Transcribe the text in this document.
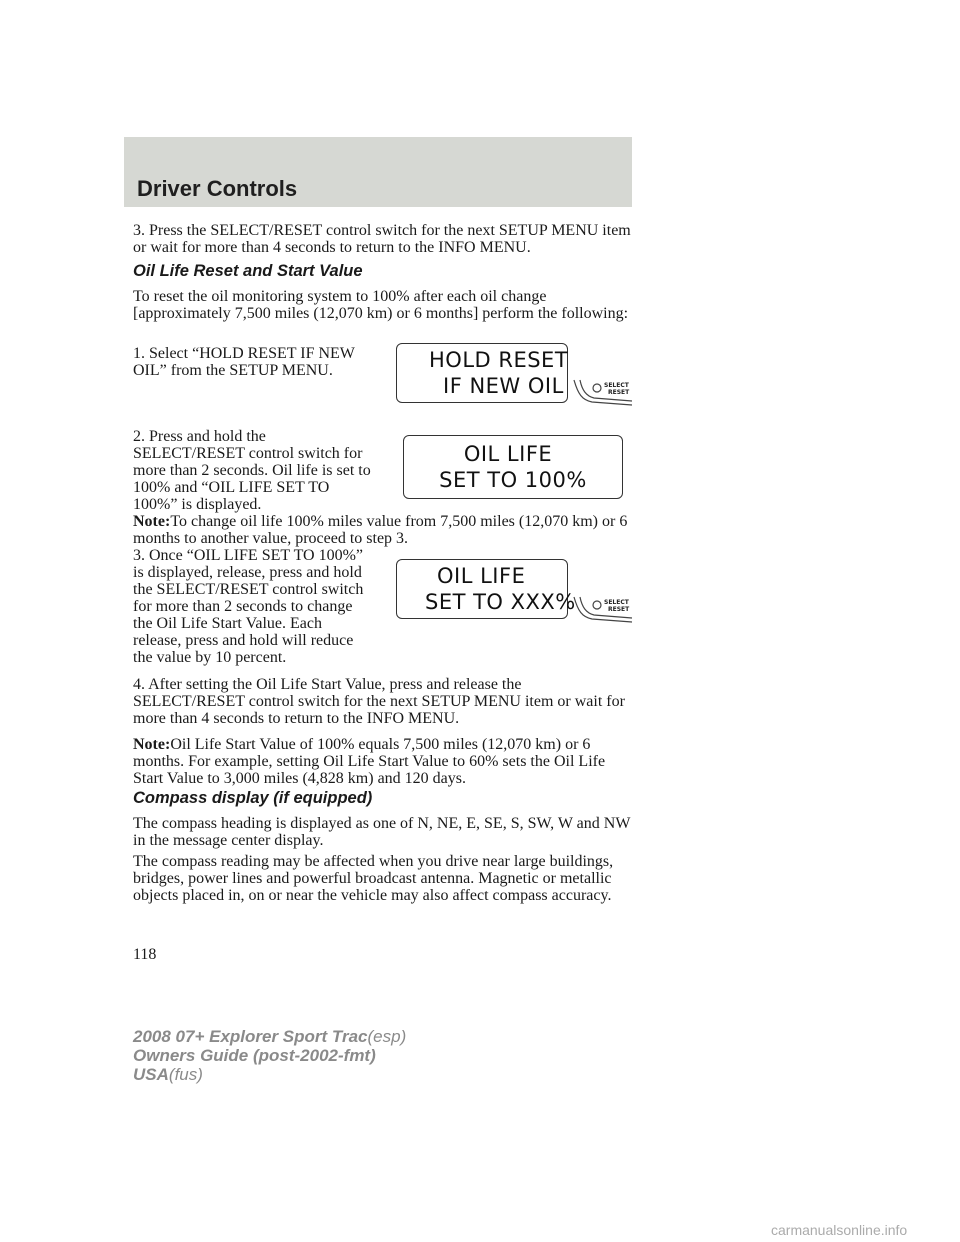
Driver Controls

3. Press the SELECT/RESET control switch for the next SETUP MENU item or wait for more than 4 seconds to return to the INFO MENU.

Oil Life Reset and Start Value

To reset the oil monitoring system to 100% after each oil change [approximately 7,500 miles (12,070 km) or 6 months] perform the following:

1. Select “HOLD RESET IF NEW OIL” from the SETUP MENU.	HOLD RESET
IF NEW OIL	SELECT
RESET

2. Press and hold the SELECT/RESET control switch for more than 2 seconds. Oil life is set to 100% and “OIL LIFE SET TO 100%” is displayed.

OIL LIFE
SET TO 100%

Note:To change oil life 100% miles value from 7,500 miles (12,070 km) or 6 months to another value, proceed to step 3.

3. Once “OIL LIFE SET TO 100%” is displayed, release, press and hold the SELECT/RESET control switch for more than 2 seconds to change the Oil Life Start Value. Each release, press and hold will reduce the value by 10 percent.

OIL LIFE
SET TO XXX%	SELECT
RESET

4. After setting the Oil Life Start Value, press and release the SELECT/RESET control switch for the next SETUP MENU item or wait for more than 4 seconds to return to the INFO MENU.

Note:Oil Life Start Value of 100% equals 7,500 miles (12,070 km) or 6 months. For example, setting Oil Life Start Value to 60% sets the Oil Life Start Value to 3,000 miles (4,828 km) and 120 days.

Compass display (if equipped)

The compass heading is displayed as one of N, NE, E, SE, S, SW, W and NW in the message center display.

The compass reading may be affected when you drive near large buildings, bridges, power lines and powerful broadcast antenna. Magnetic or metallic objects placed in, on or near the vehicle may also affect compass accuracy.

118
2008 07+ Explorer Sport Trac(esp)
Owners Guide (post-2002-fmt)
USA(fus)
carmanualsonline.info
